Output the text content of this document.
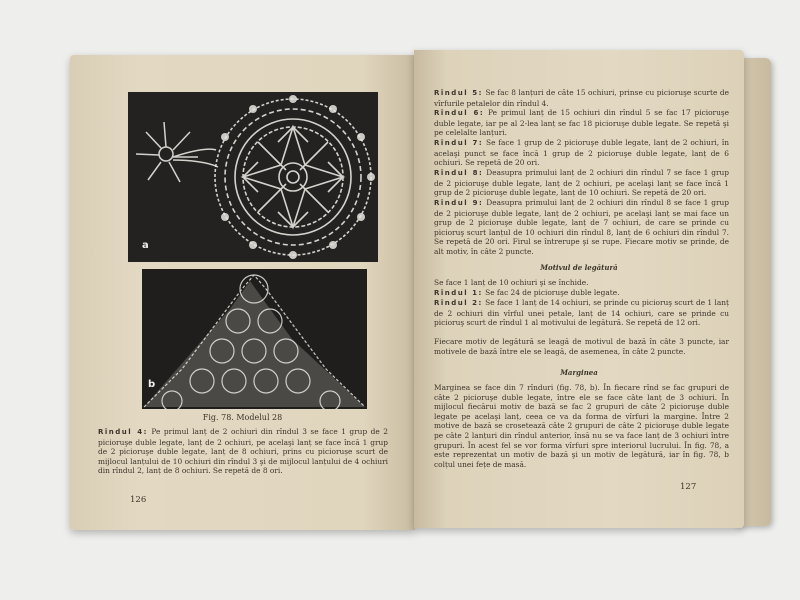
a
b
Fig. 78. Modelul 28

Rîndul 4: Pe primul lanț de 2 ochiuri din rîndul 3 se face 1 grup de 2 picioruşe duble legate, lanț de 2 ochiuri, pe acelaşi lanț se face încă 1 grup de 2 picioruşe duble legate, lanț de 8 ochiuri, prins cu piciorușe scurt de mijlocul lanțului de 10 ochiuri din rîndul 3 şi de mijlocul lanțului de 4 ochiuri din rîndul 2, lanț de 8 ochiuri. Se repetă de 8 ori.

126

Rîndul 5: Se fac 8 lanțuri de câte 15 ochiuri, prinse cu picioruşe scurte de vîrfurile petalelor din rîndul 4.

Rîndul 6: Pe primul lanț de 15 ochiuri din rîndul 5 se fac 17 picioruşe duble legate, iar pe al 2-lea lanț se fac 18 picioruşe duble legate. Se repetă şi pe celelalte lanțuri.

Rîndul 7: Se face 1 grup de 2 picioruşe duble legate, lanț de 2 ochiuri, în acelaşi punct se face încă 1 grup de 2 picioruşe duble legate, lanț de 6 ochiuri. Se repetă de 20 ori.

Rîndul 8: Deasupra primului lanț de 2 ochiuri din rîndul 7 se face 1 grup de 2 picioruşe duble legate, lanț de 2 ochiuri, pe acelaşi lanț se face încă 1 grup de 2 picioruşe duble legate, lanț de 10 ochiuri. Se repetă de 20 ori.

Rîndul 9: Deasupra primului lanț de 2 ochiuri din rîndul 8 se face 1 grup de 2 picioruşe duble legate, lanț de 2 ochiuri, pe acelaşi lanț se mai face un grup de 2 picioruşe duble legate, lanț de 7 ochiuri, de care se prinde cu picioruş scurt lanțul de 10 ochiuri din rîndul 8, lanț de 6 ochiuri din rîndul 7. Se repetă de 20 ori. Firul se întrerupe şi se rupe. Fiecare motiv se prinde, de alt motiv, în câte 2 puncte.

Motivul de legătură

Se face 1 lanț de 10 ochiuri şi se închide.

Rîndul 1: Se fac 24 de picioruşe duble legate.

Rîndul 2: Se face 1 lanț de 14 ochiuri, se prinde cu picioruş scurt de 1 lanț de 2 ochiuri din vîrful unei petale, lanț de 14 ochiuri, care se prinde cu picioruş scurt de rîndul 1 al motivului de legătură. Se repetă de 12 ori.

Fiecare motiv de legătură se leagă de motivul de bază în câte 3 puncte, iar motivele de bază între ele se leagă, de asemenea, în câte 2 puncte.

Marginea

Marginea se face din 7 rînduri (fig. 78, b). În fiecare rînd se fac grupuri de câte 2 picioruşe duble legate, între ele se face câte lanț de 3 ochiuri. În mijlocul fiecărui motiv de bază se fac 2 grupuri de câte 2 picioruşe duble legate pe acelaşi lanț, ceea ce va da forma de vîrfuri la margine. Între 2 motive de bază se crosetează câte 2 grupuri de câte 2 picioruşe duble legate pe câte 2 lanțuri din rîndul anterior, însă nu se va face lanț de 3 ochiuri între grupuri. În acest fel se vor forma vîrfuri spre interiorul lucrului. În fig. 78, a este reprezentat un motiv de bază şi un motiv de legătură, iar în fig. 78, b colțul unei fețe de masă.

127
